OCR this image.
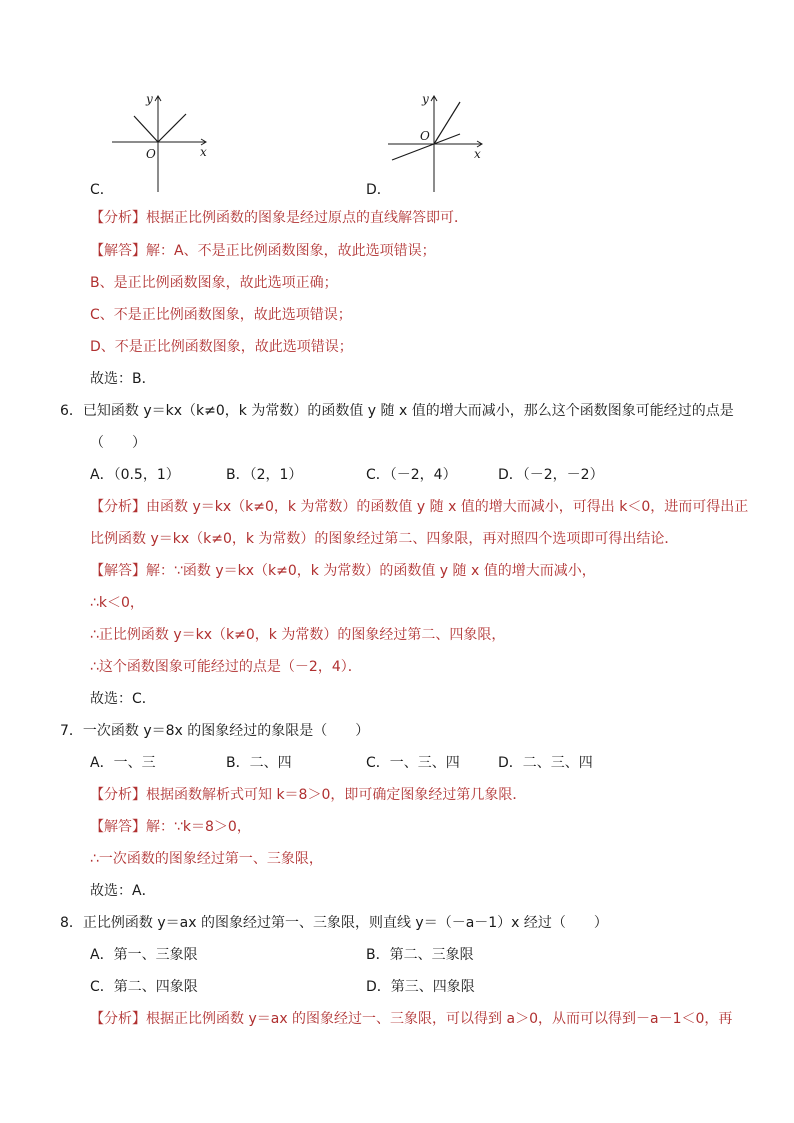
y
x
O
C．
y
x
O
D．
【分析】根据正比例函数的图象是经过原点的直线解答即可．
【解答】解：A、不是正比例函数图象，故此选项错误；
B、是正比例函数图象，故此选项正确；
C、不是正比例函数图象，故此选项错误；
D、不是正比例函数图象，故此选项错误；
故选：B．
6．已知函数 y＝kx（k≠0，k 为常数）的函数值 y 随 x 值的增大而减小，那么这个函数图象可能经过的点是
（　　）
A．（0.5，1）	B．（2，1）	C．（－2，4）	D．（－2，－2）
【分析】由函数 y＝kx（k≠0，k 为常数）的函数值 y 随 x 值的增大而减小，可得出 k＜0，进而可得出正
比例函数 y＝kx（k≠0，k 为常数）的图象经过第二、四象限，再对照四个选项即可得出结论．
【解答】解：∵函数 y＝kx（k≠0，k 为常数）的函数值 y 随 x 值的增大而减小，
∴k＜0，
∴正比例函数 y＝kx（k≠0，k 为常数）的图象经过第二、四象限，
∴这个函数图象可能经过的点是（－2，4）．
故选：C．
7．一次函数 y＝8x 的图象经过的象限是（　　）
A．一、三	B．二、四	C．一、三、四	D．二、三、四
【分析】根据函数解析式可知 k＝8＞0，即可确定图象经过第几象限．
【解答】解：∵k＝8＞0，
∴一次函数的图象经过第一、三象限，
故选：A．
8．正比例函数 y＝ax 的图象经过第一、三象限，则直线 y＝（－a－1）x 经过（　　）
A．第一、三象限	B．第二、三象限
C．第二、四象限	D．第三、四象限
【分析】根据正比例函数 y＝ax 的图象经过一、三象限，可以得到 a＞0，从而可以得到－a－1＜0，再
